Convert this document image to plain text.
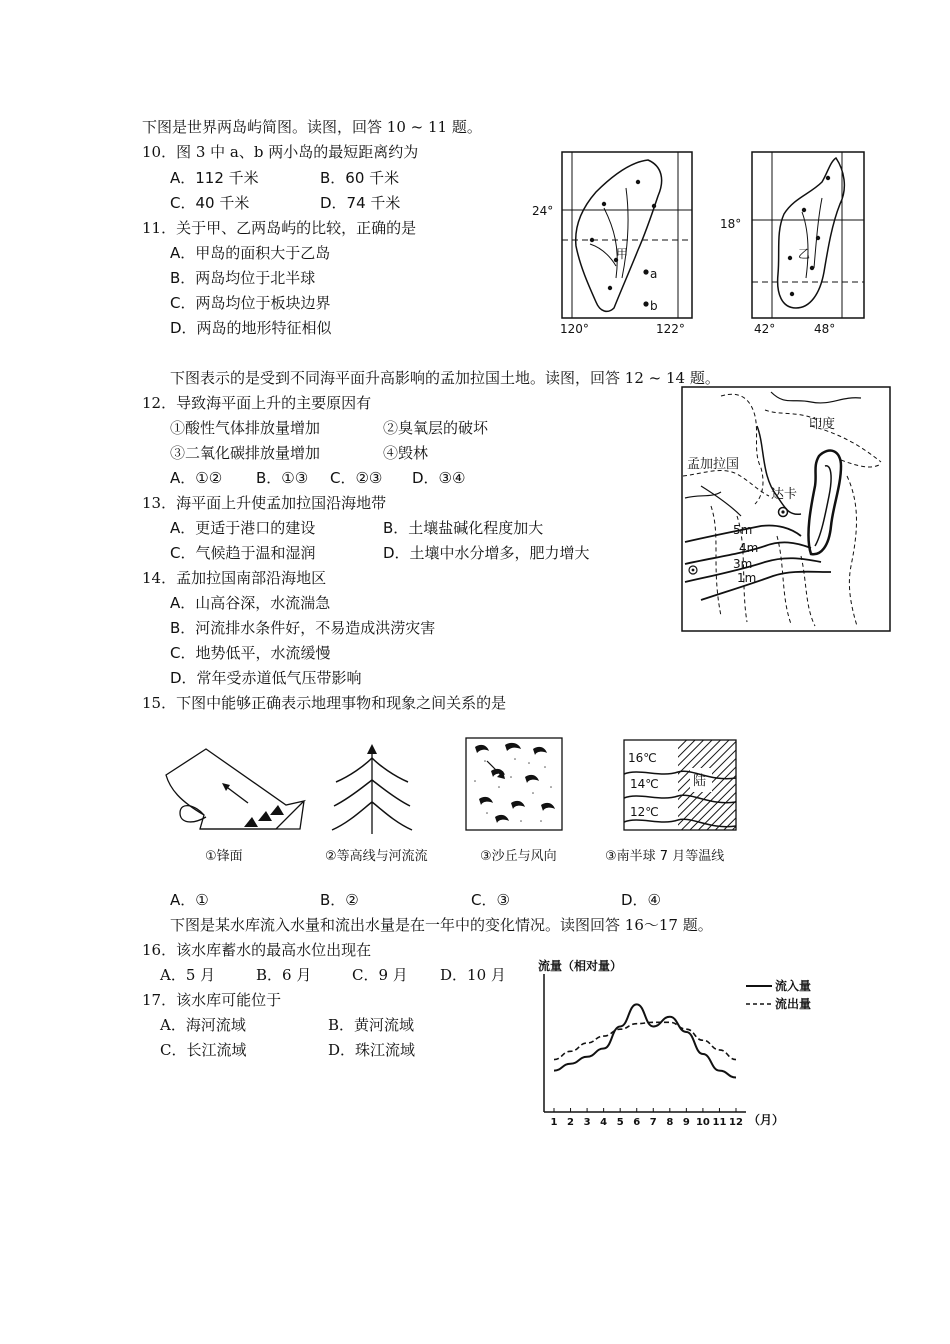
下图是世界两岛屿简图。读图，回答 10 ~ 11 题。
10．图 3 中 a、b 两小岛的最短距离约为
A．112 千米	B．60 千米
C．40 千米	D．74 千米
11．关于甲、乙两岛屿的比较，正确的是
A．甲岛的面积大于乙岛
B．两岛均位于北半球
C．两岛均位于板块边界
D．两岛的地形特征相似
24°
120°	122°
甲
a
b
18°
42°	48°
乙
下图表示的是受到不同海平面升高影响的孟加拉国土地。读图，回答 12 ~ 14 题。
12．导致海平面上升的主要原因有
①酸性气体排放量增加	②臭氧层的破坏
③二氧化碳排放量增加	④毁林
A．①② B．①③ C．②③ D．③④
13．海平面上升使孟加拉国沿海地带
A．更适于港口的建设	B．土壤盐碱化程度加大
C．气候趋于温和湿润	D．土壤中水分增多，肥力增大
14．孟加拉国南部沿海地区
A．山高谷深，水流湍急
B．河流排水条件好，不易造成洪涝灾害
C．地势低平，水流缓慢
D．常年受赤道低气压带影响
印度
孟加拉国
达卡
5m
4m
3m
1m
15．下图中能够正确表示地理事物和现象之间关系的是
陆
16℃
14℃
12℃
①锋面	②等高线与河流流	③沙丘与风向	③南半球 7 月等温线
A．①	B．②	C．③	D．④
下图是某水库流入水量和流出水量是在一年中的变化情况。读图回答 16～17 题。
16．该水库蓄水的最高水位出现在
A．5 月	B．6 月	C．9 月 D．10 月
17．该水库可能位于
A．海河流域	B．黄河流域
C．长江流域	D．珠江流域
1 2 3 4 5 6 7 8 9 10 11 12
流量（相对量）
（月）
流入量
流出量
